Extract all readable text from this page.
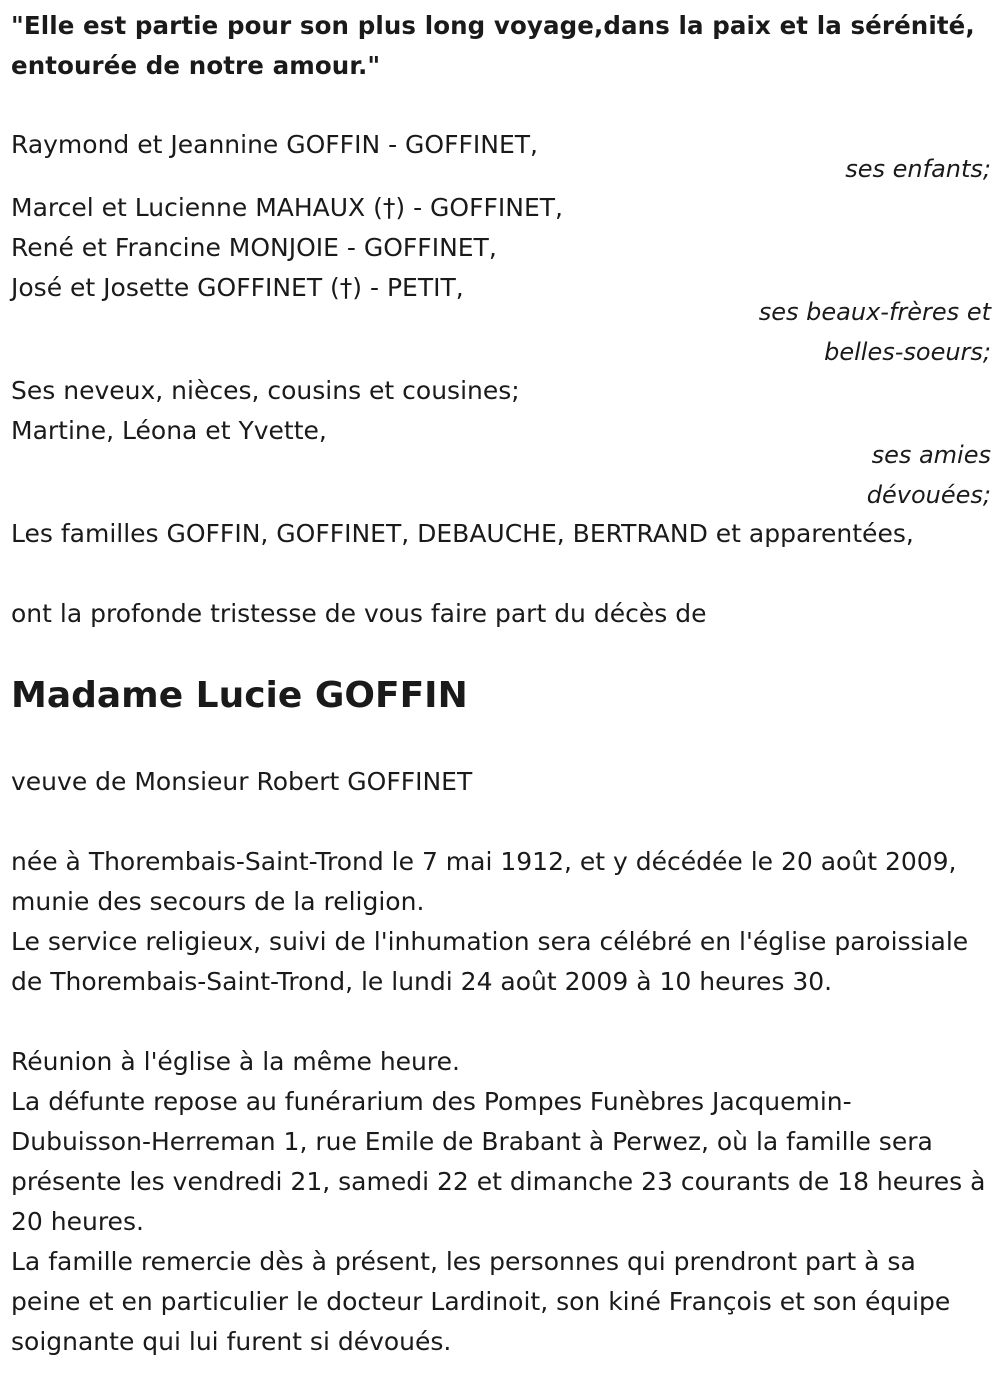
"Elle est partie pour son plus long voyage,dans la paix et la sérénité, entourée de notre amour."
Raymond et Jeannine GOFFIN - GOFFINET,
ses enfants;
Marcel et Lucienne MAHAUX (†) - GOFFINET,
René et Francine MONJOIE - GOFFINET,
José et Josette GOFFINET (†) - PETIT,
ses beaux-frères et
belles-soeurs;
Ses neveux, nièces, cousins et cousines;
Martine, Léona et Yvette,
ses amies
dévouées;
Les familles GOFFIN, GOFFINET, DEBAUCHE, BERTRAND et apparentées,
ont la profonde tristesse de vous faire part du décès de
Madame Lucie GOFFIN
veuve de Monsieur Robert GOFFINET
née à Thorembais-Saint-Trond le 7 mai 1912, et y décédée le 20 août 2009, munie des secours de la religion.
Le service religieux, suivi de l'inhumation sera célébré en l'église paroissiale de Thorembais-Saint-Trond, le lundi 24 août 2009 à 10 heures 30.
Réunion à l'église à la même heure.
La défunte repose au funérarium des Pompes Funèbres Jacquemin-Dubuisson-Herreman 1, rue Emile de Brabant à Perwez, où la famille sera présente les vendredi 21, samedi 22 et dimanche 23 courants de 18 heures à 20 heures.
La famille remercie dès à présent, les personnes qui prendront part à sa peine et en particulier le docteur Lardinoit, son kiné François et son équipe soignante qui lui furent si dévoués.
